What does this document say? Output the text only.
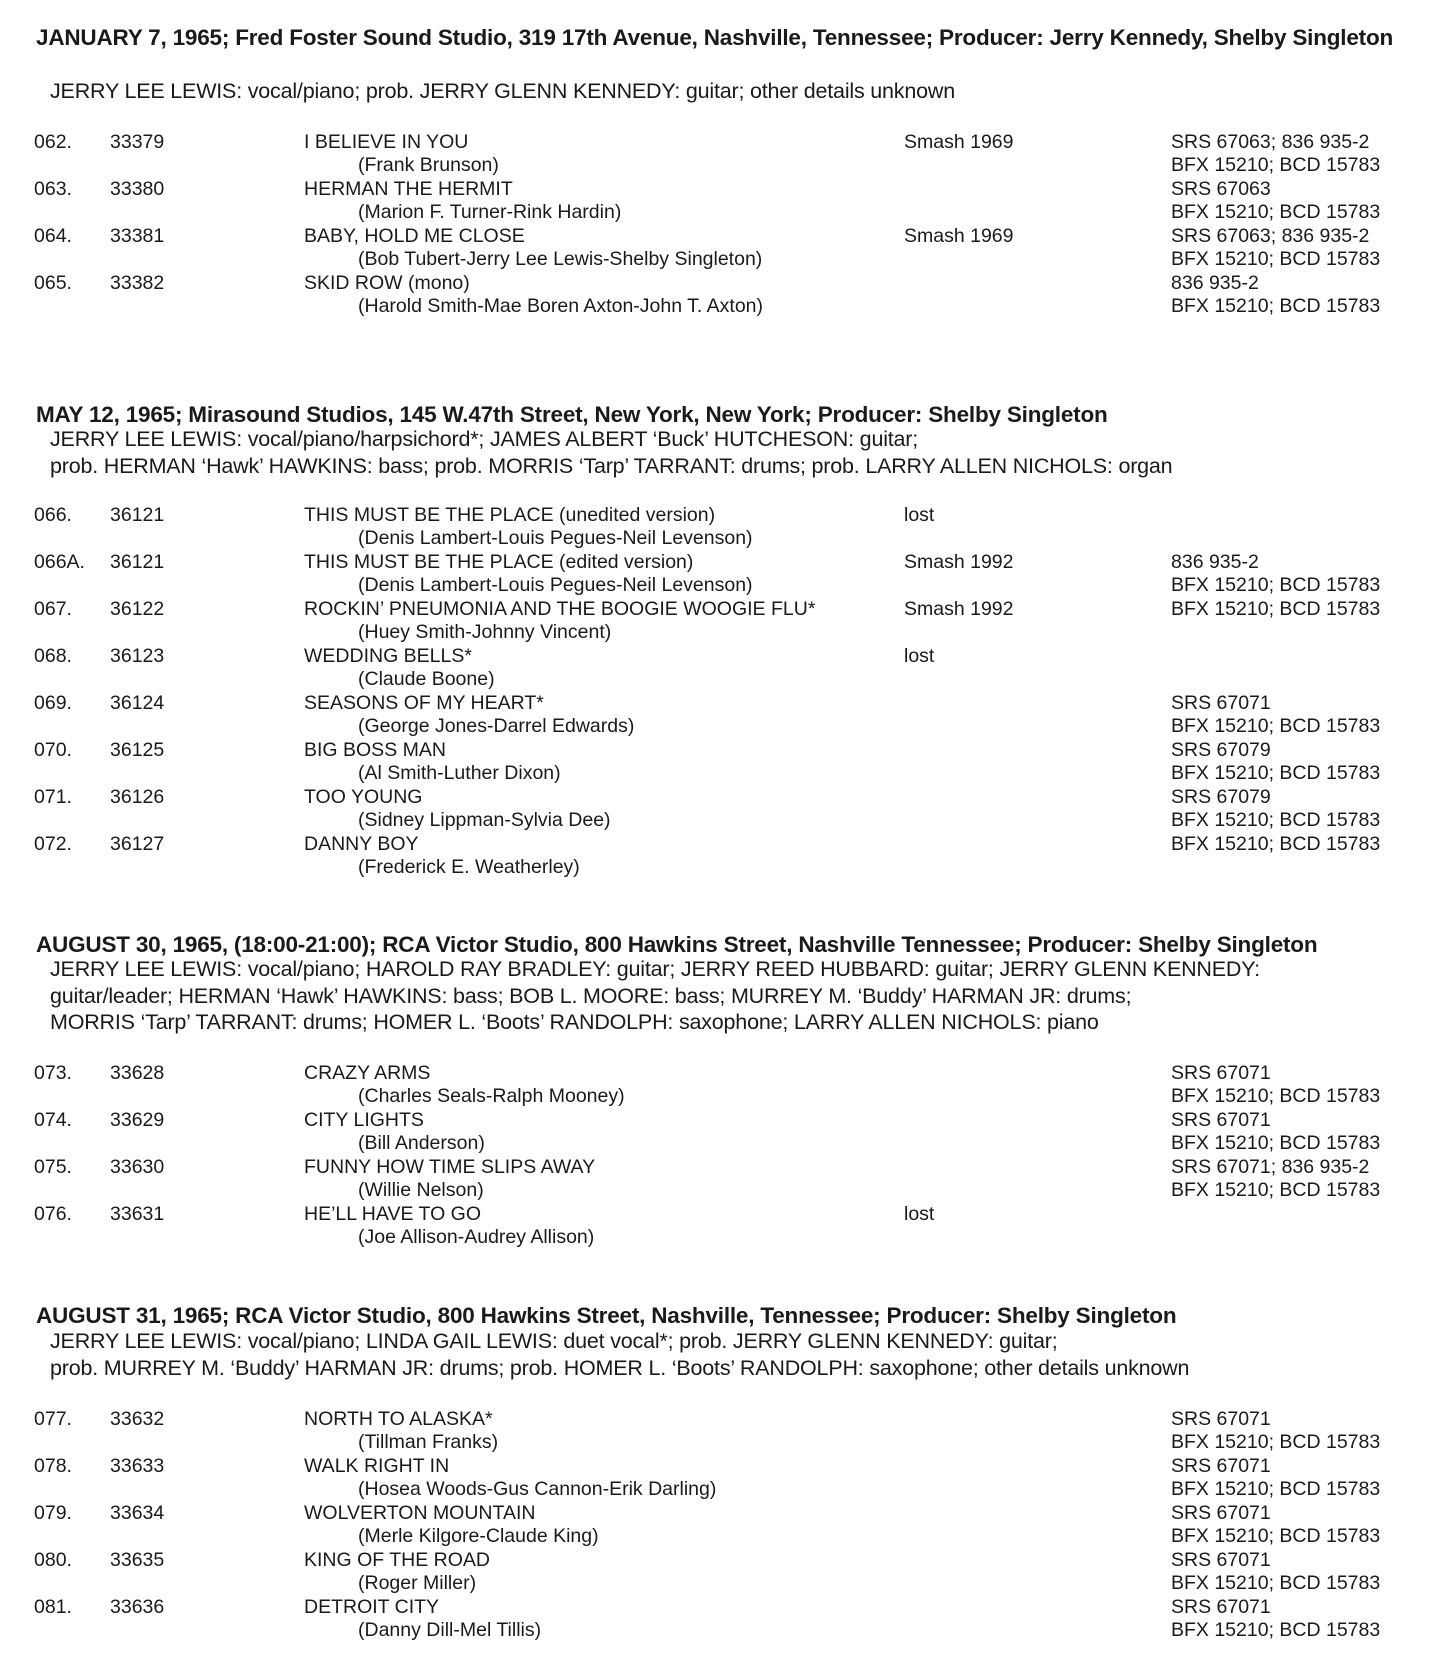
JANUARY 7, 1965; Fred Foster Sound Studio, 319 17th Avenue, Nashville, Tennessee; Producer: Jerry Kennedy, Shelby Singleton
JERRY LEE LEWIS: vocal/piano; prob. JERRY GLENN KENNEDY: guitar; other details unknown
062. 33379	I BELIEVE IN YOU
(Frank Brunson)
Smash 1969	SRS 67063; 836 935-2
BFX 15210; BCD 15783
063. 33380	HERMAN THE HERMIT
(Marion F. Turner-Rink Hardin)
SRS 67063
BFX 15210; BCD 15783
064. 33381	BABY, HOLD ME CLOSE
(Bob Tubert-Jerry Lee Lewis-Shelby Singleton)
Smash 1969	SRS 67063; 836 935-2
BFX 15210; BCD 15783
065. 33382	SKID ROW (mono)
(Harold Smith-Mae Boren Axton-John T. Axton)
836 935-2
BFX 15210; BCD 15783
MAY 12, 1965; Mirasound Studios, 145 W.47th Street, New York, New York; Producer: Shelby Singleton
JERRY LEE LEWIS: vocal/piano/harpsichord*; JAMES ALBERT ‘Buck’ HUTCHESON: guitar;
prob. HERMAN ‘Hawk’ HAWKINS: bass; prob. MORRIS ‘Tarp’ TARRANT: drums; prob. LARRY ALLEN NICHOLS: organ
066. 36121	THIS MUST BE THE PLACE (unedited version)
(Denis Lambert-Louis Pegues-Neil Levenson)
lost
066A. 36121	THIS MUST BE THE PLACE (edited version)
(Denis Lambert-Louis Pegues-Neil Levenson)
Smash 1992	836 935-2
BFX 15210; BCD 15783
067. 36122	ROCKIN’ PNEUMONIA AND THE BOOGIE WOOGIE FLU*
(Huey Smith-Johnny Vincent)
Smash 1992	BFX 15210; BCD 15783
068. 36123	WEDDING BELLS*
(Claude Boone)
lost
069. 36124	SEASONS OF MY HEART*
(George Jones-Darrel Edwards)
SRS 67071
BFX 15210; BCD 15783
070. 36125	BIG BOSS MAN
(Al Smith-Luther Dixon)
SRS 67079
BFX 15210; BCD 15783
071. 36126	TOO YOUNG
(Sidney Lippman-Sylvia Dee)
SRS 67079
BFX 15210; BCD 15783
072. 36127	DANNY BOY
(Frederick E. Weatherley)
BFX 15210; BCD 15783
AUGUST 30, 1965, (18:00-21:00); RCA Victor Studio, 800 Hawkins Street, Nashville Tennessee; Producer: Shelby Singleton
JERRY LEE LEWIS: vocal/piano; HAROLD RAY BRADLEY: guitar; JERRY REED HUBBARD: guitar; JERRY GLENN KENNEDY:
guitar/leader; HERMAN ‘Hawk’ HAWKINS: bass; BOB L. MOORE: bass; MURREY M. ‘Buddy’ HARMAN JR: drums;
MORRIS ‘Tarp’ TARRANT: drums; HOMER L. ‘Boots’ RANDOLPH: saxophone; LARRY ALLEN NICHOLS: piano
073. 33628	CRAZY ARMS
(Charles Seals-Ralph Mooney)
SRS 67071
BFX 15210; BCD 15783
074. 33629	CITY LIGHTS
(Bill Anderson)
SRS 67071
BFX 15210; BCD 15783
075. 33630	FUNNY HOW TIME SLIPS AWAY
(Willie Nelson)
SRS 67071; 836 935-2
BFX 15210; BCD 15783
076. 33631	HE’LL HAVE TO GO
(Joe Allison-Audrey Allison)
lost
AUGUST 31, 1965; RCA Victor Studio, 800 Hawkins Street, Nashville, Tennessee; Producer: Shelby Singleton
JERRY LEE LEWIS: vocal/piano; LINDA GAIL LEWIS: duet vocal*; prob. JERRY GLENN KENNEDY: guitar;
prob. MURREY M. ‘Buddy’ HARMAN JR: drums; prob. HOMER L. ‘Boots’ RANDOLPH: saxophone; other details unknown
077. 33632	NORTH TO ALASKA*
(Tillman Franks)
SRS 67071
BFX 15210; BCD 15783
078. 33633	WALK RIGHT IN
(Hosea Woods-Gus Cannon-Erik Darling)
SRS 67071
BFX 15210; BCD 15783
079. 33634	WOLVERTON MOUNTAIN
(Merle Kilgore-Claude King)
SRS 67071
BFX 15210; BCD 15783
080. 33635	KING OF THE ROAD
(Roger Miller)
SRS 67071
BFX 15210; BCD 15783
081. 33636	DETROIT CITY
(Danny Dill-Mel Tillis)
SRS 67071
BFX 15210; BCD 15783
